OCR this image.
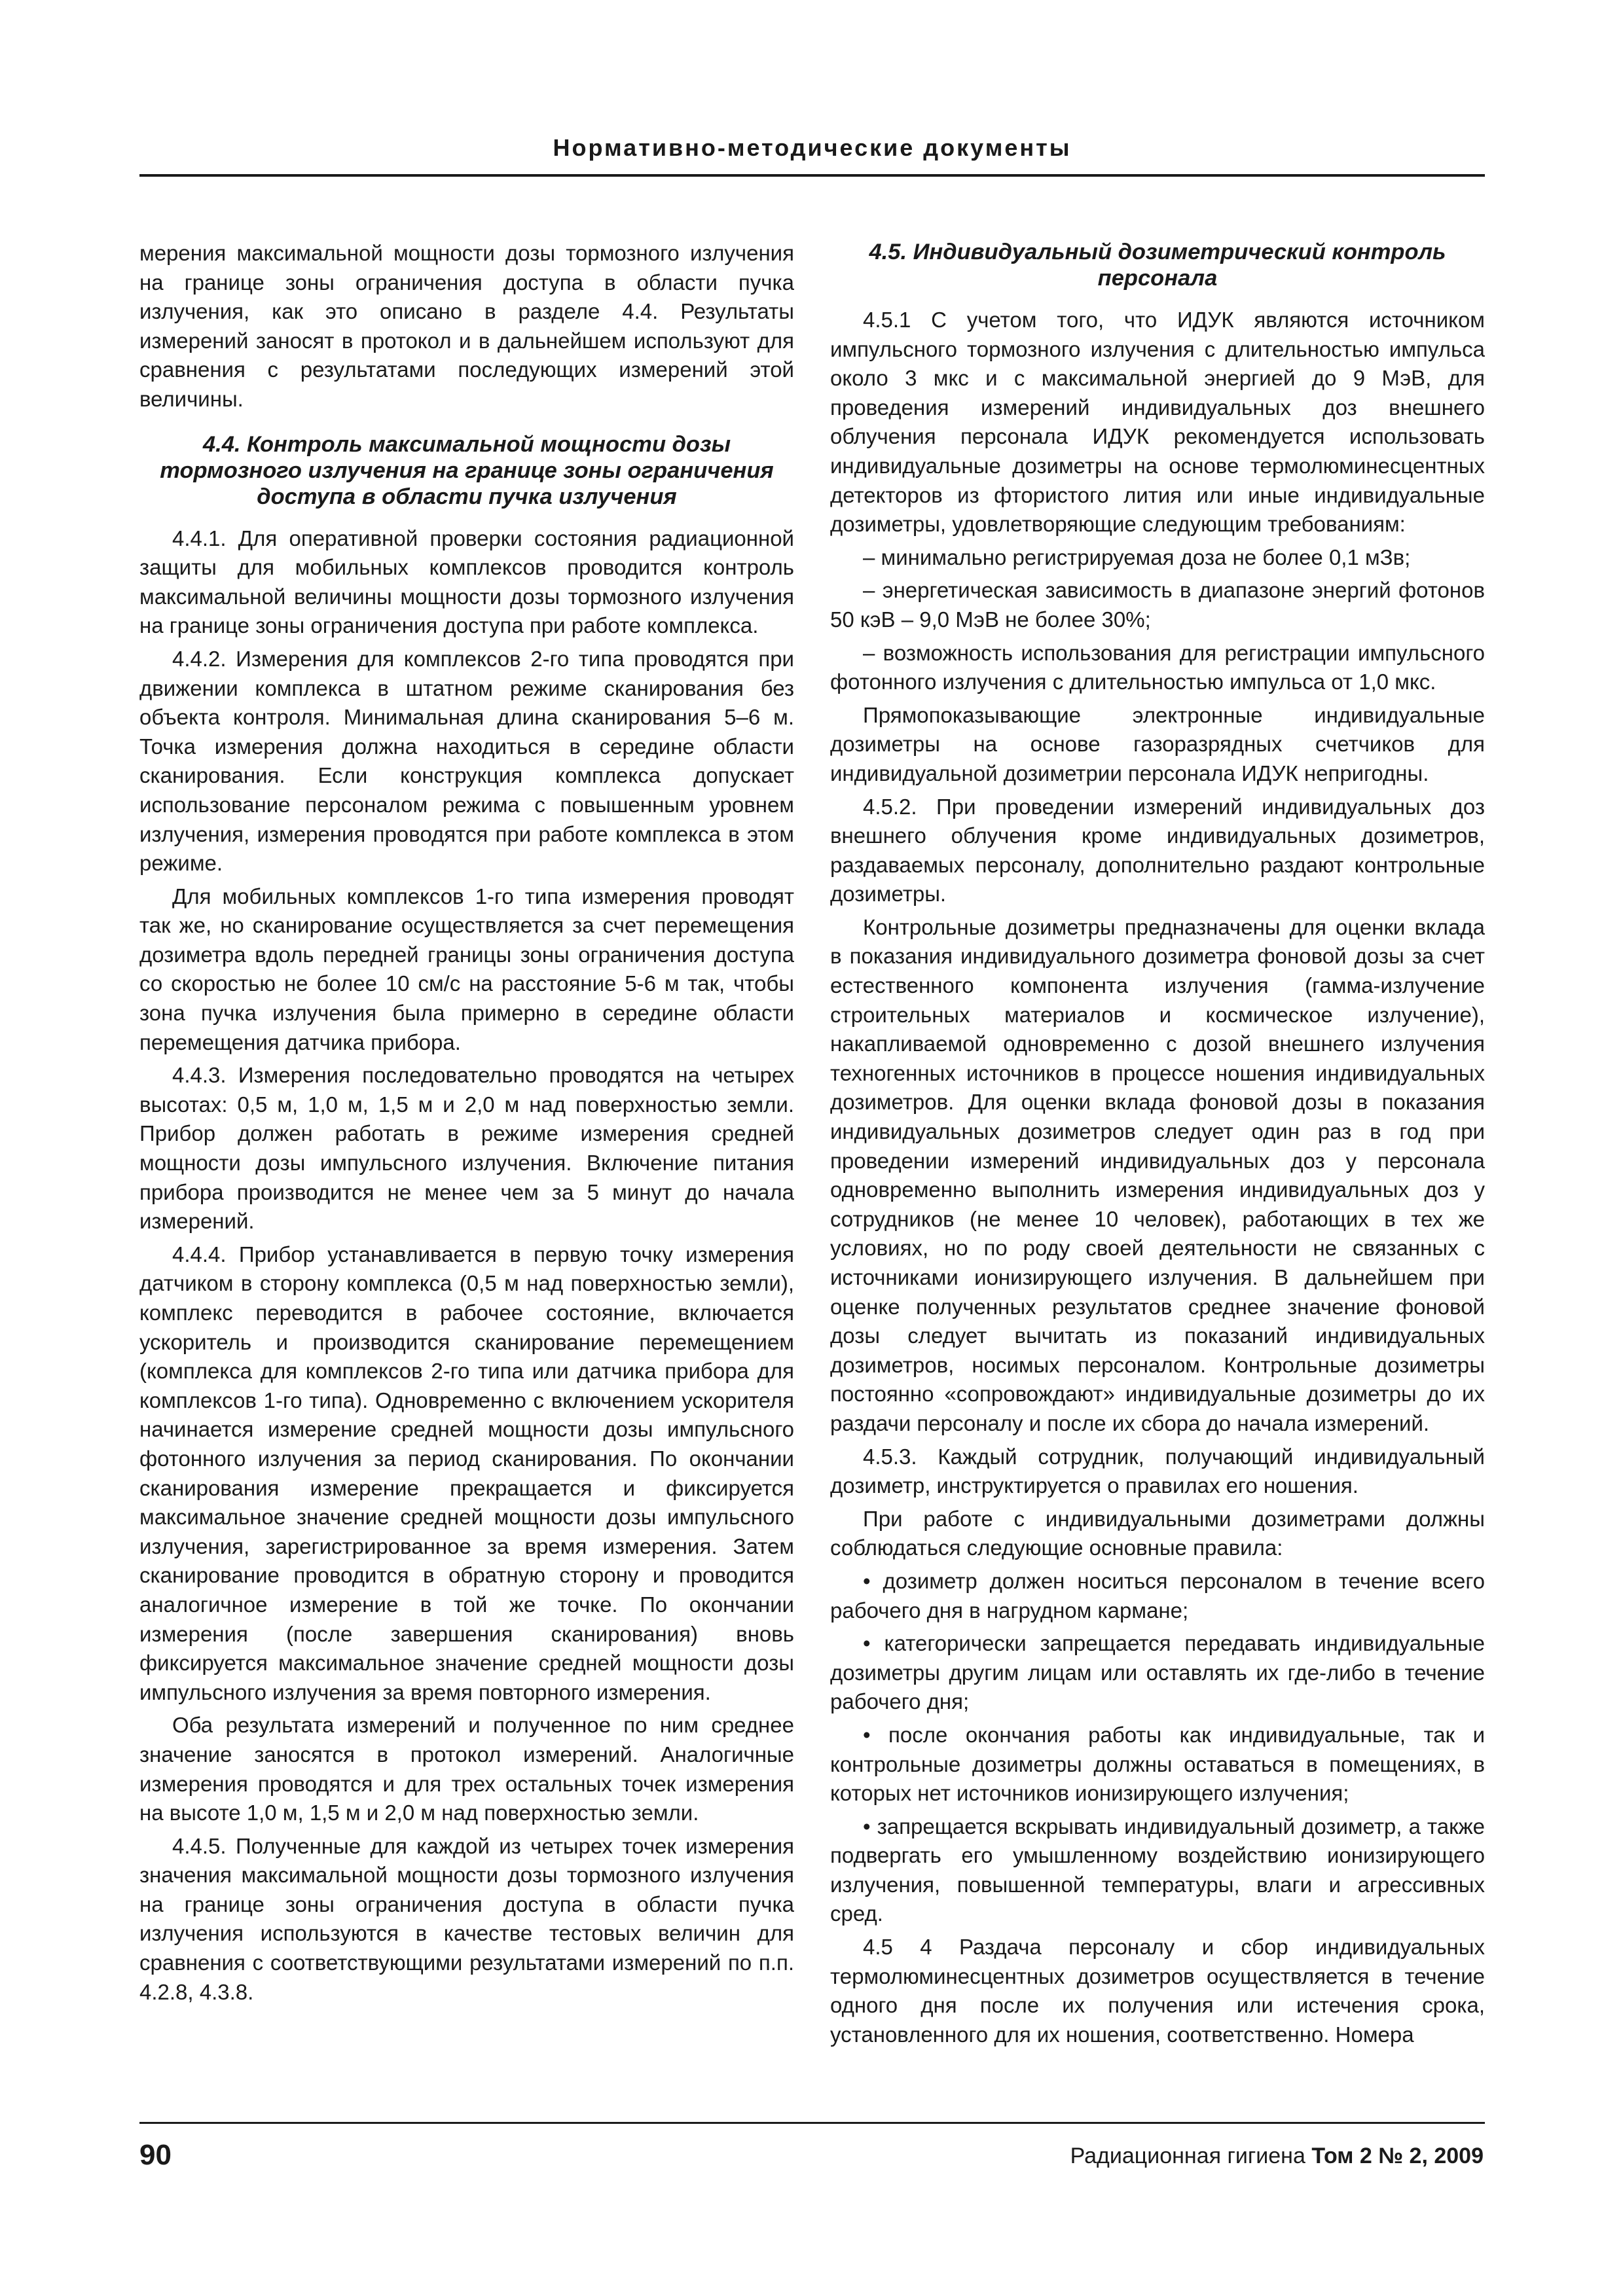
Нормативно-методические документы

мерения максимальной мощности дозы тормозного излучения на границе зоны ограничения доступа в области пучка излучения, как это описано в разделе 4.4. Результаты измерений заносят в протокол и в дальнейшем используют для сравнения с результатами последующих измерений этой величины.

4.4. Контроль максимальной мощности дозы тормозного излучения на границе зоны ограничения доступа в области пучка излучения

4.4.1. Для оперативной проверки состояния радиационной защиты для мобильных комплексов проводится контроль максимальной величины мощности дозы тормозного излучения на границе зоны ограничения доступа при работе комплекса.

4.4.2. Измерения для комплексов 2-го типа проводятся при движении комплекса в штатном режиме сканирования без объекта контроля. Минимальная длина сканирования 5–6 м. Точка измерения должна находиться в середине области сканирования. Если конструкция комплекса допускает использование персоналом режима с повышенным уровнем излучения, измерения проводятся при работе комплекса в этом режиме.

Для мобильных комплексов 1-го типа измерения проводят так же, но сканирование осуществляется за счет перемещения дозиметра вдоль передней границы зоны ограничения доступа со скоростью не более 10 см/с на расстояние 5-6 м так, чтобы зона пучка излучения была примерно в середине области перемещения датчика прибора.

4.4.3. Измерения последовательно проводятся на четырех высотах: 0,5 м, 1,0 м, 1,5 м и 2,0 м над поверхностью земли. Прибор должен работать в режиме измерения средней мощности дозы импульсного излучения. Включение питания прибора производится не менее чем за 5 минут до начала измерений.

4.4.4. Прибор устанавливается в первую точку измерения датчиком в сторону комплекса (0,5 м над поверхностью земли), комплекс переводится в рабочее состояние, включается ускоритель и производится сканирование перемещением (комплекса для комплексов 2-го типа или датчика прибора для комплексов 1-го типа). Одновременно с включением ускорителя начинается измерение средней мощности дозы импульсного фотонного излучения за период сканирования. По окончании сканирования измерение прекращается и фиксируется максимальное значение средней мощности дозы импульсного излучения, зарегистрированное за время измерения. Затем сканирование проводится в обратную сторону и проводится аналогичное измерение в той же точке. По окончании измерения (после завершения сканирования) вновь фиксируется максимальное значение средней мощности дозы импульсного излучения за время повторного измерения.

Оба результата измерений и полученное по ним среднее значение заносятся в протокол измерений. Аналогичные измерения проводятся и для трех остальных точек измерения на высоте 1,0 м, 1,5 м и 2,0 м над поверхностью земли.

4.4.5. Полученные для каждой из четырех точек измерения значения максимальной мощности дозы тормозного излучения на границе зоны ограничения доступа в области пучка излучения используются в качестве тестовых величин для сравнения с соответствующими результатами измерений по п.п. 4.2.8, 4.3.8.

4.5. Индивидуальный дозиметрический контроль персонала

4.5.1 С учетом того, что ИДУК являются источником импульсного тормозного излучения с длительностью импульса около 3 мкс и с максимальной энергией до 9 МэВ, для проведения измерений индивидуальных доз внешнего облучения персонала ИДУК рекомендуется использовать индивидуальные дозиметры на основе термолюминесцентных детекторов из фтористого лития или иные индивидуальные дозиметры, удовлетворяющие следующим требованиям:

– минимально регистрируемая доза не более 0,1 мЗв;

– энергетическая зависимость в диапазоне энергий фотонов 50 кэВ – 9,0 МэВ не более 30%;

– возможность использования для регистрации импульсного фотонного излучения с длительностью импульса от 1,0 мкс.

Прямопоказывающие электронные индивидуальные дозиметры на основе газоразрядных счетчиков для индивидуальной дозиметрии персонала ИДУК непригодны.

4.5.2. При проведении измерений индивидуальных доз внешнего облучения кроме индивидуальных дозиметров, раздаваемых персоналу, дополнительно раздают контрольные дозиметры.

Контрольные дозиметры предназначены для оценки вклада в показания индивидуального дозиметра фоновой дозы за счет естественного компонента излучения (гамма-излучение строительных материалов и космическое излучение), накапливаемой одновременно с дозой внешнего излучения техногенных источников в процессе ношения индивидуальных дозиметров. Для оценки вклада фоновой дозы в показания индивидуальных дозиметров следует один раз в год при проведении измерений индивидуальных доз у персонала одновременно выполнить измерения индивидуальных доз у сотрудников (не менее 10 человек), работающих в тех же условиях, но по роду своей деятельности не связанных с источниками ионизирующего излучения. В дальнейшем при оценке полученных результатов среднее значение фоновой дозы следует вычитать из показаний индивидуальных дозиметров, носимых персоналом. Контрольные дозиметры постоянно «сопровождают» индивидуальные дозиметры до их раздачи персоналу и после их сбора до начала измерений.

4.5.3. Каждый сотрудник, получающий индивидуальный дозиметр, инструктируется о правилах его ношения.

При работе с индивидуальными дозиметрами должны соблюдаться следующие основные правила:

• дозиметр должен носиться персоналом в течение всего рабочего дня в нагрудном кармане;

• категорически запрещается передавать индивидуальные дозиметры другим лицам или оставлять их где-либо в течение рабочего дня;

• после окончания работы как индивидуальные, так и контрольные дозиметры должны оставаться в помещениях, в которых нет источников ионизирующего излучения;

• запрещается вскрывать индивидуальный дозиметр, а также подвергать его умышленному воздействию ионизирующего излучения, повышенной температуры, влаги и агрессивных сред.

4.5 4 Раздача персоналу и сбор индивидуальных термолюминесцентных дозиметров осуществляется в течение одного дня после их получения или истечения срока, установленного для их ношения, соответственно. Номера

90	Радиационная гигиена Том 2 № 2, 2009
